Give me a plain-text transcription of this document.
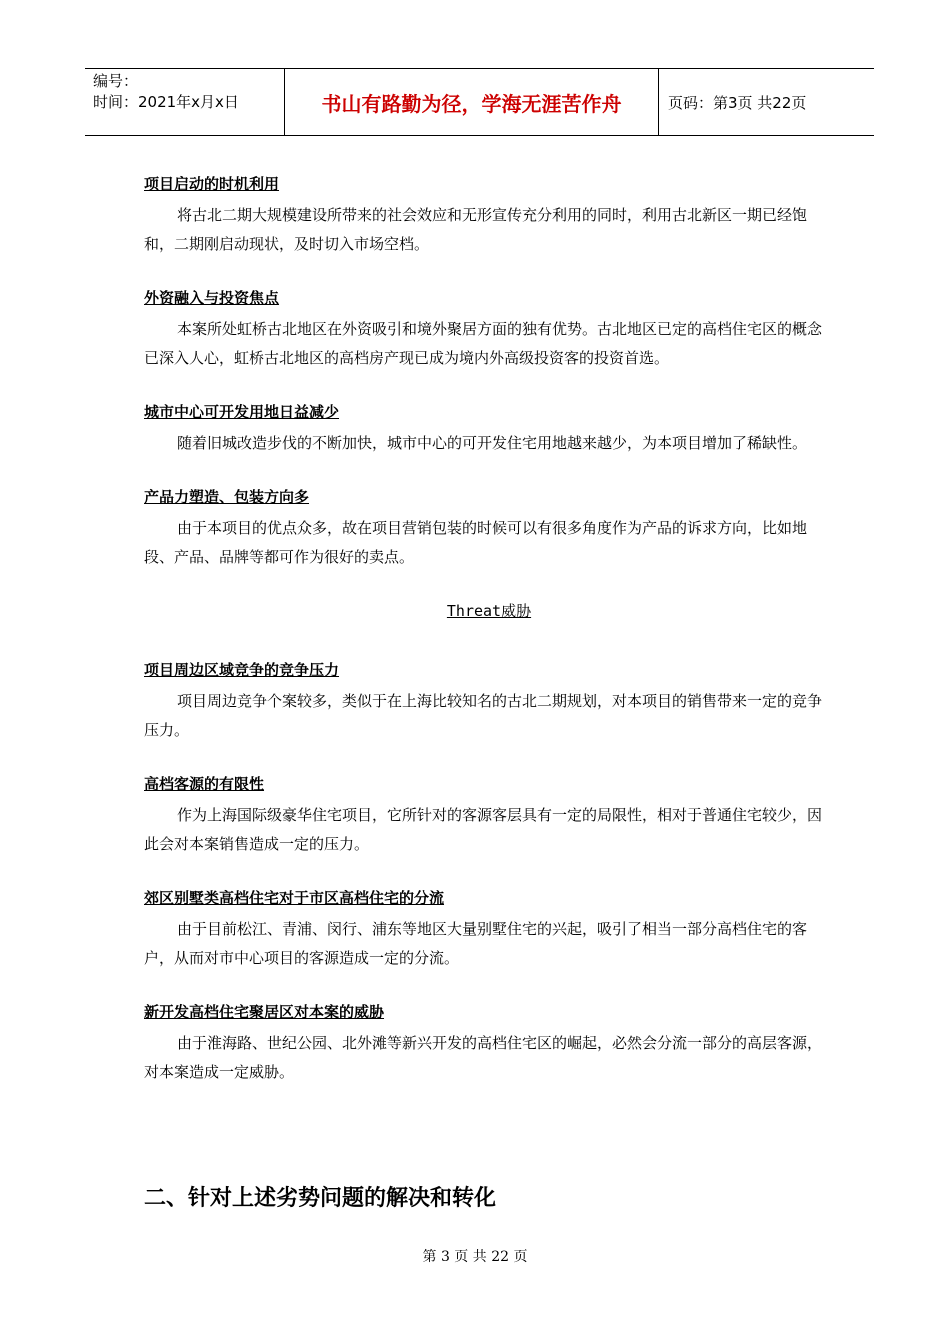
编号：
时间：2021年x月x日	书山有路勤为径，学海无涯苦作舟	页码：第3页 共22页
项目启动的时机利用

将古北二期大规模建设所带来的社会效应和无形宣传充分利用的同时，利用古北新区一期已经饱和，二期刚启动现状，及时切入市场空档。

外资融入与投资焦点

本案所处虹桥古北地区在外资吸引和境外聚居方面的独有优势。古北地区已定的高档住宅区的概念已深入人心，虹桥古北地区的高档房产现已成为境内外高级投资客的投资首选。

城市中心可开发用地日益减少

随着旧城改造步伐的不断加快，城市中心的可开发住宅用地越来越少，为本项目增加了稀缺性。

产品力塑造、包装方向多

由于本项目的优点众多，故在项目营销包装的时候可以有很多角度作为产品的诉求方向，比如地段、产品、品牌等都可作为很好的卖点。

Threat威胁
项目周边区域竞争的竞争压力

项目周边竞争个案较多，类似于在上海比较知名的古北二期规划，对本项目的销售带来一定的竞争压力。

高档客源的有限性

作为上海国际级豪华住宅项目，它所针对的客源客层具有一定的局限性，相对于普通住宅较少，因此会对本案销售造成一定的压力。

郊区别墅类高档住宅对于市区高档住宅的分流

由于目前松江、青浦、闵行、浦东等地区大量别墅住宅的兴起，吸引了相当一部分高档住宅的客户，从而对市中心项目的客源造成一定的分流。

新开发高档住宅聚居区对本案的威胁

由于淮海路、世纪公园、北外滩等新兴开发的高档住宅区的崛起，必然会分流一部分的高层客源，对本案造成一定威胁。

二、针对上述劣势问题的解决和转化
第 3 页 共 22 页
